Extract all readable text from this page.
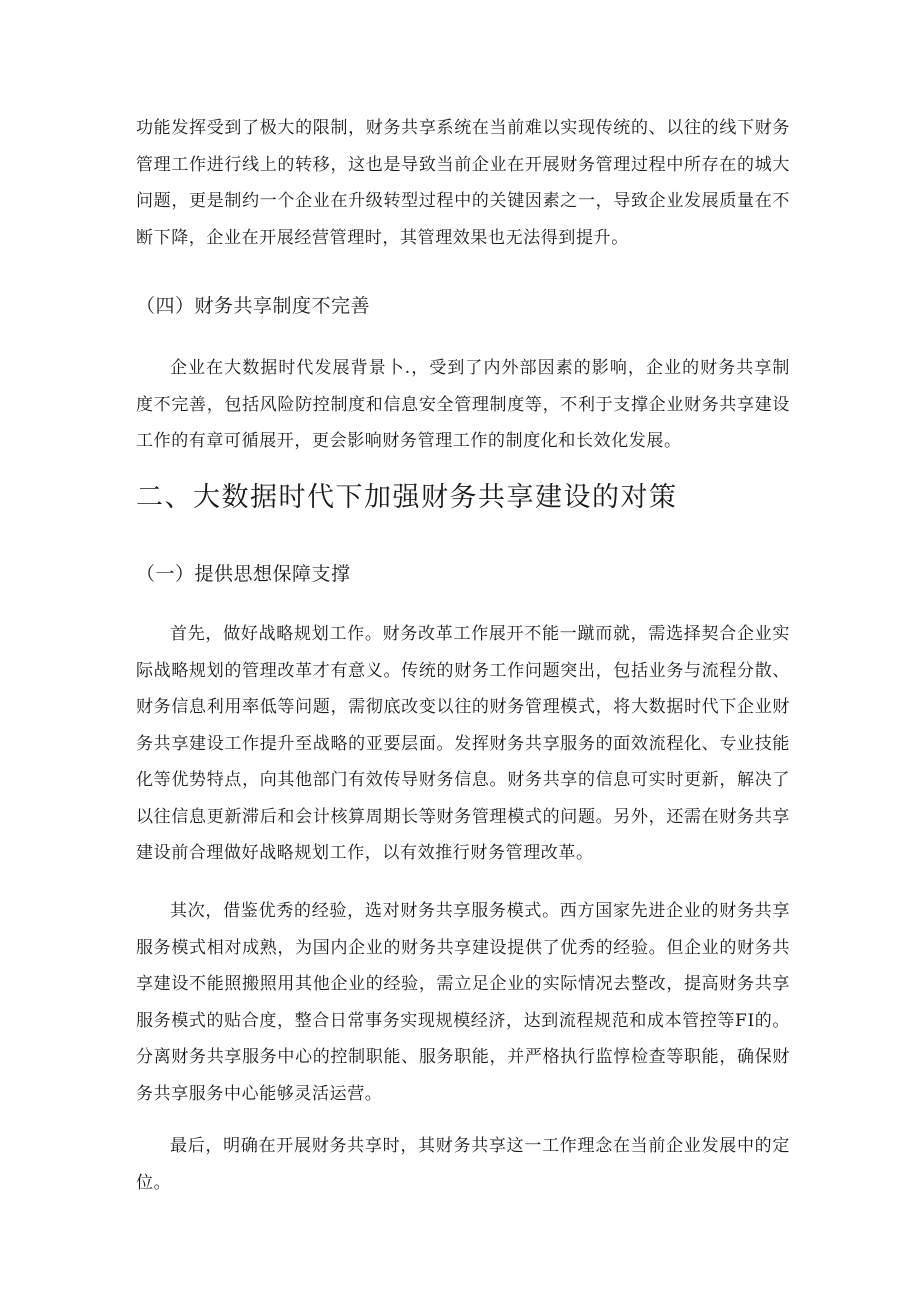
功能发挥受到了极大的限制，财务共享系统在当前难以实现传统的、以往的线下财务管理工作进行线上的转移，这也是导致当前企业在开展财务管理过程中所存在的城大问题，更是制约一个企业在升级转型过程中的关键因素之一，导致企业发展质量在不断下降，企业在开展经营管理时，其管理效果也无法得到提升。

（四）财务共享制度不完善

企业在大数据时代发展背景卜.，受到了内外部因素的影响，企业的财务共享制度不完善，包括风险防控制度和信息安全管理制度等，不利于支撑企业财务共享建设工作的有章可循展开，更会影响财务管理工作的制度化和长效化发展。

二、大数据时代下加强财务共享建设的对策
（一）提供思想保障支撑

首先，做好战略规划工作。财务改革工作展开不能一蹴而就，需选择契合企业实际战略规划的管理改革才有意义。传统的财务工作问题突出，包括业务与流程分散、财务信息利用率低等问题，需彻底改变以往的财务管理模式，将大数据时代下企业财务共享建设工作提升至战略的亚要层面。发挥财务共享服务的面效流程化、专业技能化等优势特点，向其他部门有效传导财务信息。财务共享的信息可实时更新，解决了以往信息更新滞后和会计核算周期长等财务管理模式的问题。另外，还需在财务共享建设前合理做好战略规划工作，以有效推行财务管理改革。

其次，借鉴优秀的经验，选对财务共享服务模式。西方国家先进企业的财务共享服务模式相对成熟，为国内企业的财务共享建设提供了优秀的经验。但企业的财务共享建设不能照搬照用其他企业的经验，需立足企业的实际情况去整改，提高财务共享服务模式的贴合度，整合日常事务实现规模经济，达到流程规范和成本管控等FI的。分离财务共享服务中心的控制职能、服务职能，并严格执行监惇检查等职能，确保财务共享服务中心能够灵活运营。

最后，明确在开展财务共享时，其财务共享这一工作理念在当前企业发展中的定位。
